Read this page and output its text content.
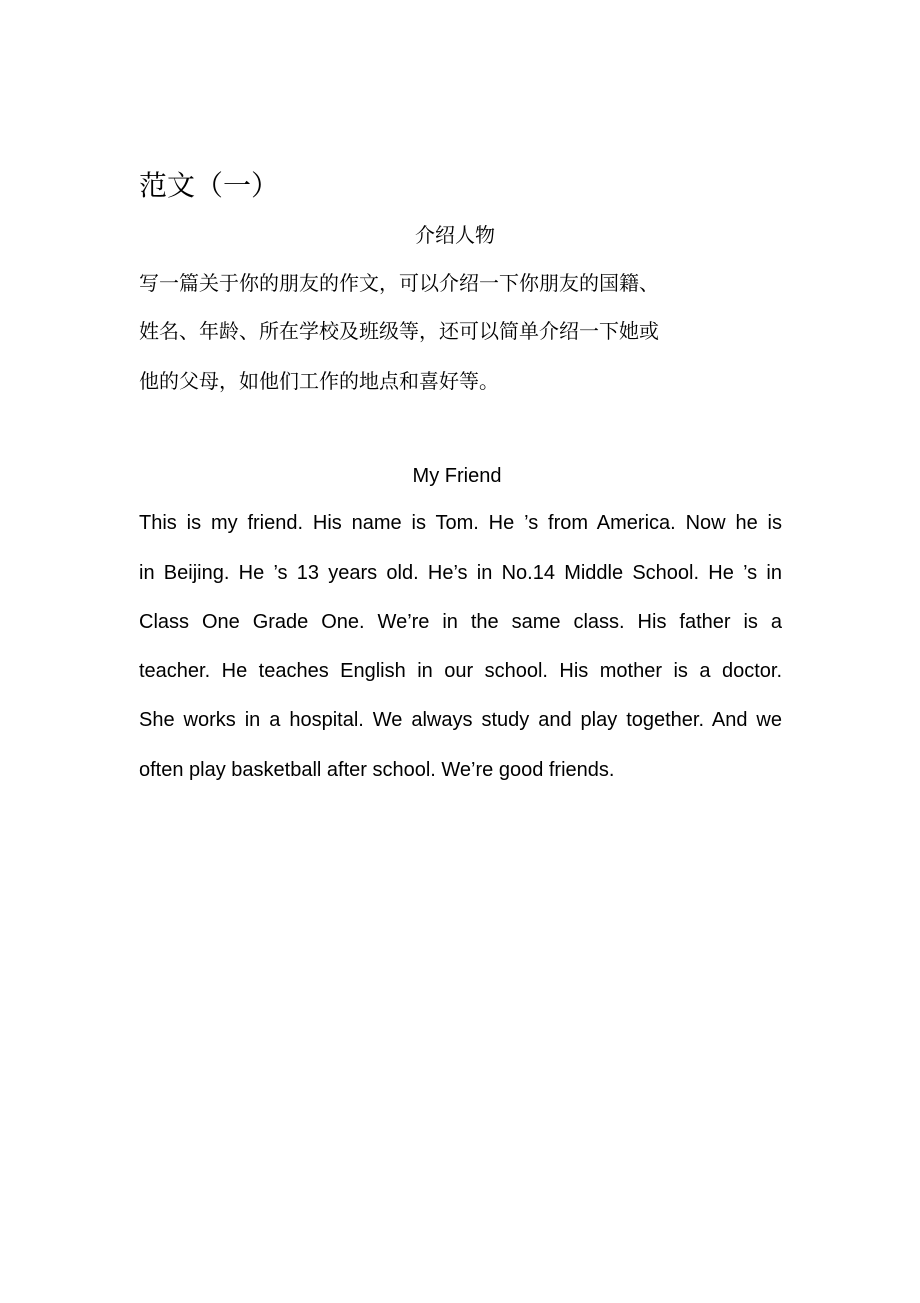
范文（一）
介绍人物
写一篇关于你的朋友的作文，可以介绍一下你朋友的国籍、
姓名、年龄、所在学校及班级等，还可以简单介绍一下她或
他的父母，如他们工作的地点和喜好等。
My Friend
This is my friend. His name is Tom. He ’s from America. Now he is
in Beijing. He ’s 13 years old. He’s in No.14 Middle School. He ’s in
Class One Grade One. We’re in the same class. His father is a
teacher. He teaches English in our school. His mother is a doctor.
She works in a hospital. We always study and play together. And we
often play basketball after school. We’re good friends.
